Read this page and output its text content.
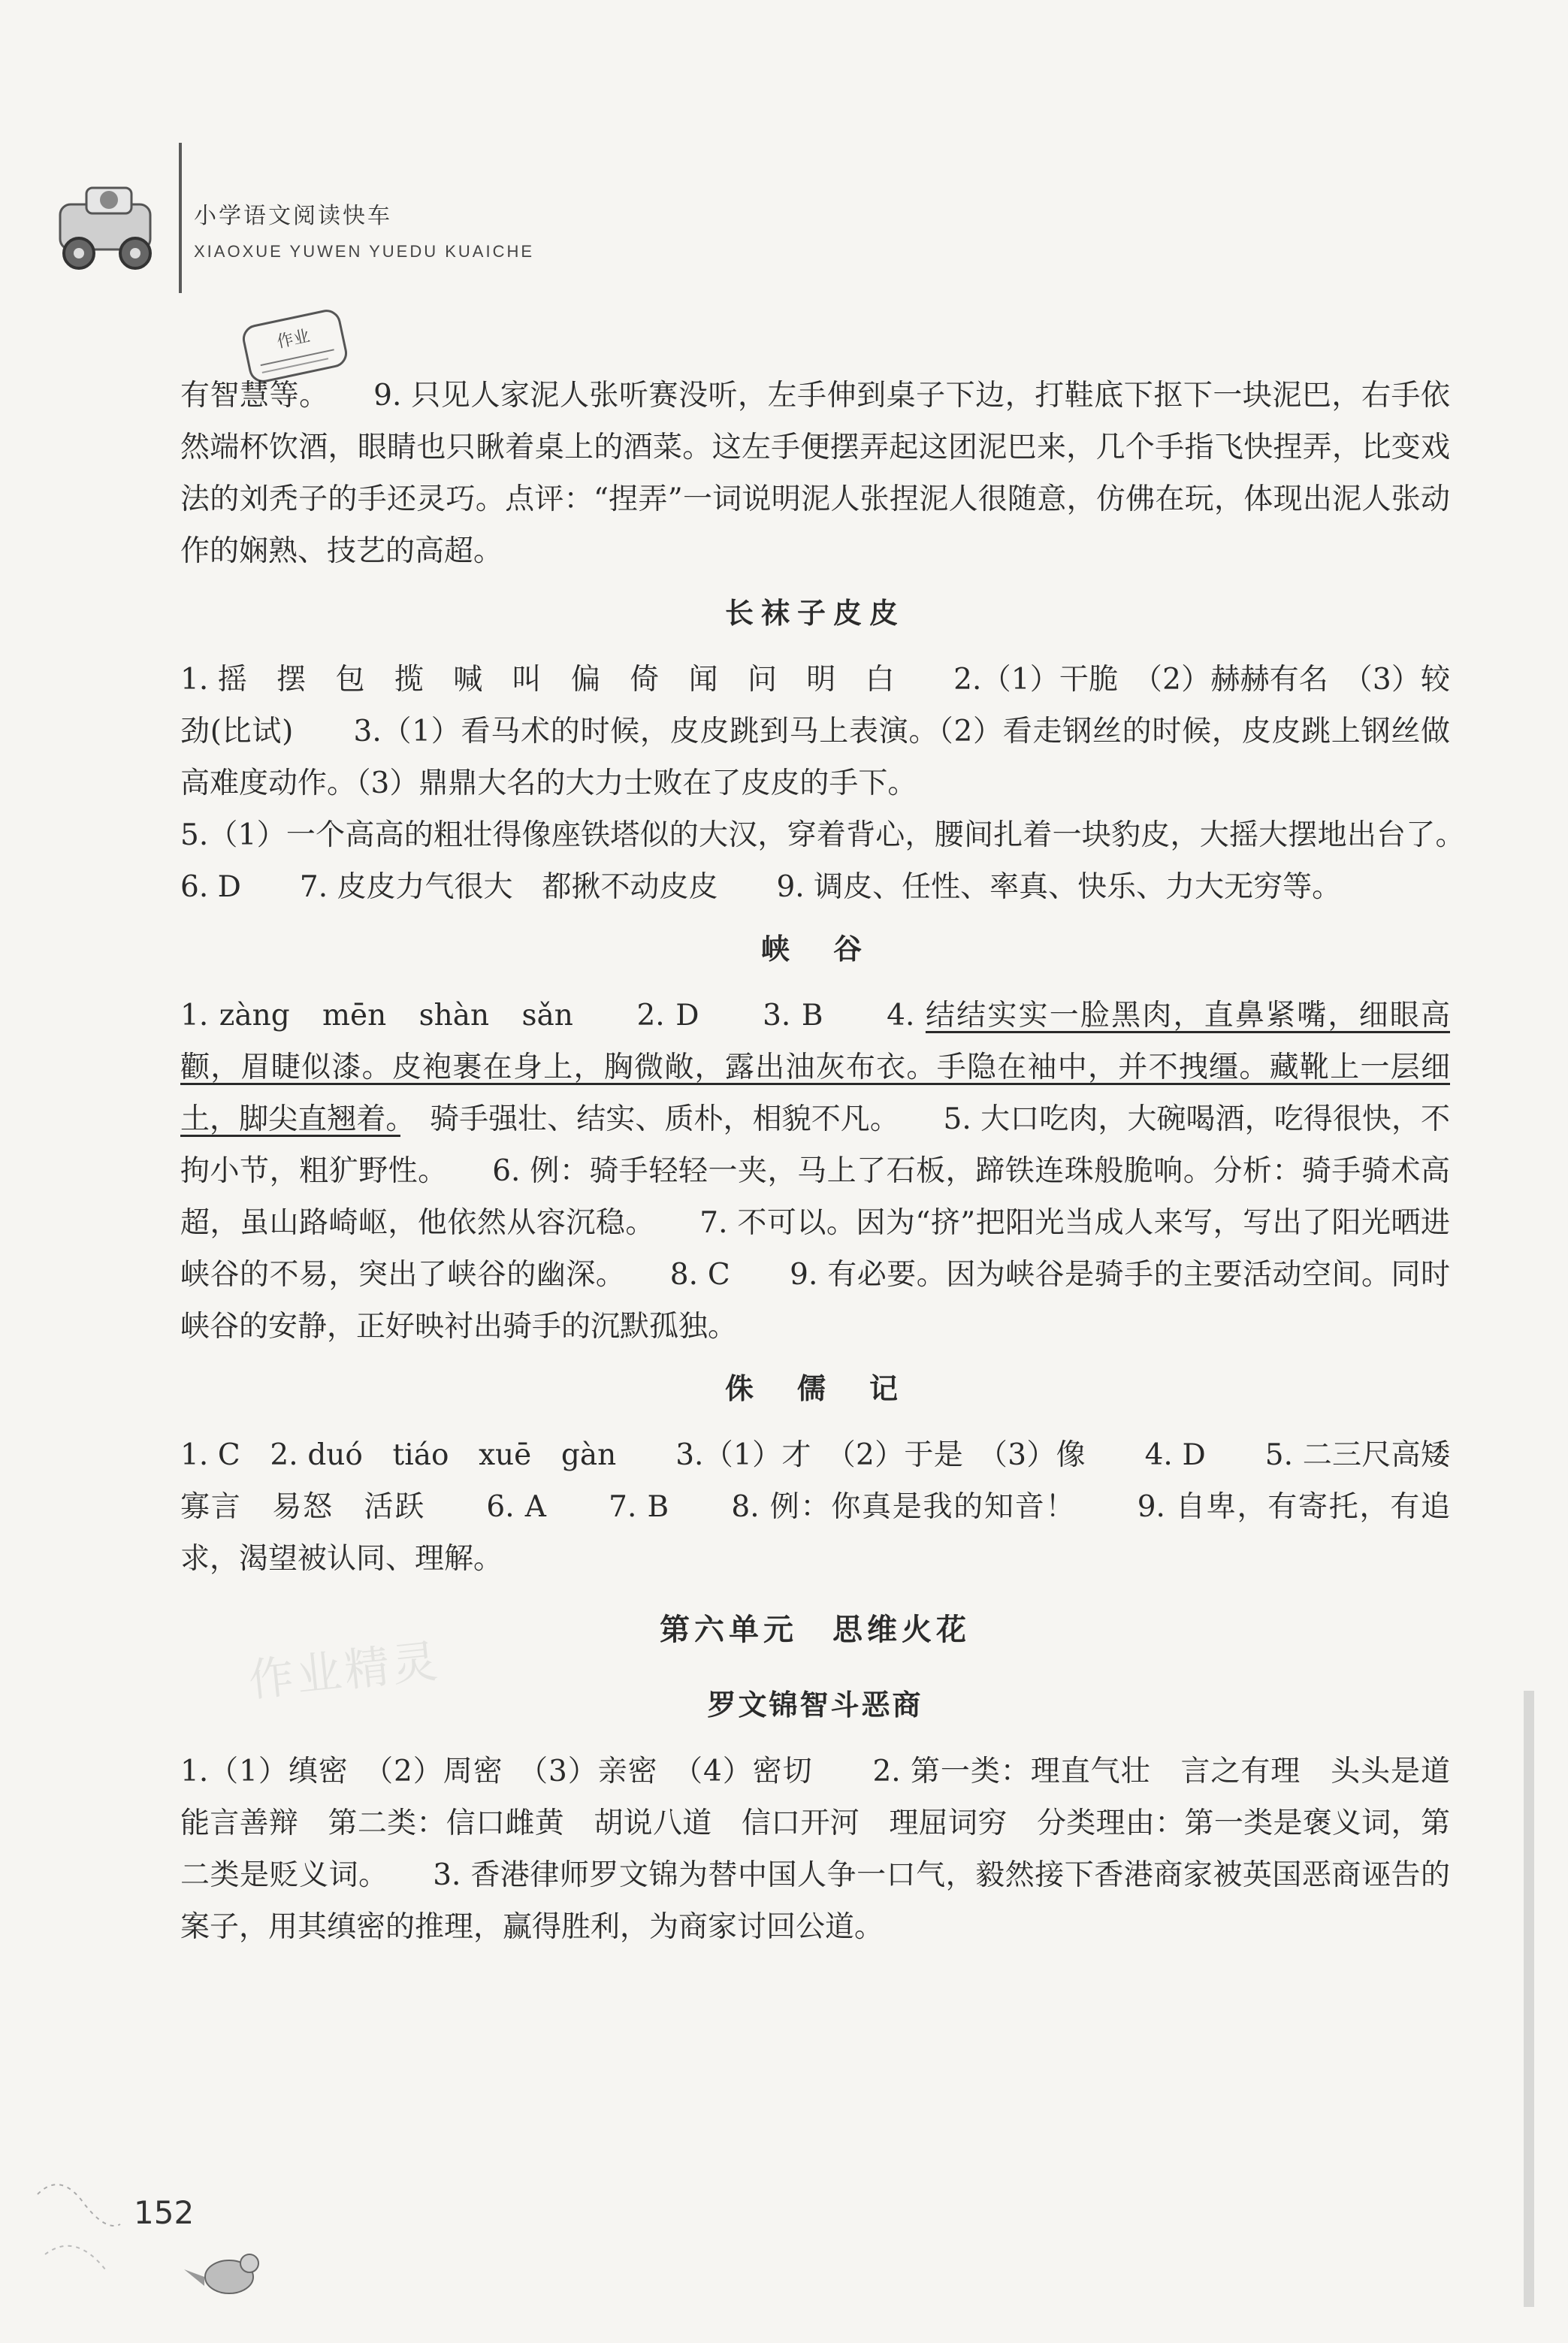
小学语文阅读快车
XIAOXUE YUWEN YUEDU KUAICHE
作业
作业精灵

有智慧等。　　9. 只见人家泥人张听赛没听，左手伸到桌子下边，打鞋底下抠下一块泥巴，右手依然端杯饮酒，眼睛也只瞅着桌上的酒菜。这左手便摆弄起这团泥巴来，几个手指飞快捏弄，比变戏法的刘秃子的手还灵巧。点评：“捏弄”一词说明泥人张捏泥人很随意，仿佛在玩，体现出泥人张动作的娴熟、技艺的高超。

长袜子皮皮

1. 摇　摆　包　揽　喊　叫　偏　倚　闻　问　明　白　　2.（1）干脆　（2）赫赫有名　（3）较劲(比试)　　3.（1）看马术的时候，皮皮跳到马上表演。（2）看走钢丝的时候，皮皮跳上钢丝做高难度动作。（3）鼎鼎大名的大力士败在了皮皮的手下。

5.（1）一个高高的粗壮得像座铁塔似的大汉，穿着背心，腰间扎着一块豹皮，大摇大摆地出台了。　　6. D　　7. 皮皮力气很大　都揪不动皮皮　　9. 调皮、任性、率真、快乐、力大无穷等。

峡　谷

1. zàng　mēn　shàn　sǎn　　2. D　　3. B　　4. 结结实实一脸黑肉，直鼻紧嘴，细眼高颧，眉睫似漆。皮袍裹在身上，胸微敞，露出油灰布衣。手隐在袖中，并不拽缰。藏靴上一层细土，脚尖直翘着。　骑手强壮、结实、质朴，相貌不凡。　　5. 大口吃肉，大碗喝酒，吃得很快，不拘小节，粗犷野性。　　6. 例：骑手轻轻一夹，马上了石板，蹄铁连珠般脆响。分析：骑手骑术高超，虽山路崎岖，他依然从容沉稳。　　7. 不可以。因为“挤”把阳光当成人来写，写出了阳光晒进峡谷的不易，突出了峡谷的幽深。　　8. C　　9. 有必要。因为峡谷是骑手的主要活动空间。同时峡谷的安静，正好映衬出骑手的沉默孤独。

侏　儒　记

1. C　2. duó　tiáo　xuē　gàn　　3.（1）才　（2）于是　（3）像　　4. D　　5. 二三尺高矮　寡言　易怒　活跃　　6. A　　7. B　　8. 例：你真是我的知音！　　9. 自卑，有寄托，有追求，渴望被认同、理解。

第六单元　思维火花
罗文锦智斗恶商

1.（1）缜密　（2）周密　（3）亲密　（4）密切　　2. 第一类：理直气壮　言之有理　头头是道　能言善辩　第二类：信口雌黄　胡说八道　信口开河　理屈词穷　分类理由：第一类是褒义词，第二类是贬义词。　　3. 香港律师罗文锦为替中国人争一口气，毅然接下香港商家被英国恶商诬告的案子，用其缜密的推理，赢得胜利，为商家讨回公道。

152
